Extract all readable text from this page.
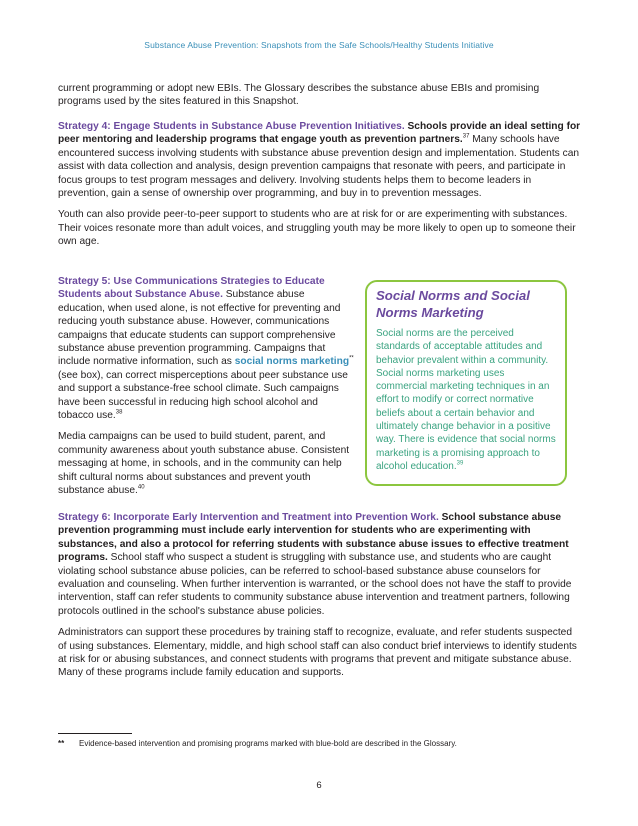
Substance Abuse Prevention: Snapshots from the Safe Schools/Healthy Students Initiative

current programming or adopt new EBIs. The Glossary describes the substance abuse EBIs and promising programs used by the sites featured in this Snapshot.

Strategy 4: Engage Students in Substance Abuse Prevention Initiatives. Schools provide an ideal setting for peer mentoring and leadership programs that engage youth as prevention partners.$^{37}$ Many schools have encountered success involving students with substance abuse prevention design and implementation. Students can assist with data collection and analysis, design prevention campaigns that resonate with peers, and participate in focus groups to test program messages and delivery. Involving students helps them to become leaders in prevention, gain a sense of ownership over programming, and buy in to prevention messages.

Youth can also provide peer-to-peer support to students who are at risk for or are experimenting with substances. Their voices resonate more than adult voices, and struggling youth may be more likely to open up to someone their own age.

Strategy 5: Use Communications Strategies to Educate Students about Substance Abuse. Substance abuse education, when used alone, is not effective for preventing and reducing youth substance abuse. However, communications campaigns that educate students can support comprehensive substance abuse prevention programming. Campaigns that include normative information, such as social norms marketing** (see box), can correct misperceptions about peer substance use and support a substance-free school climate. Such campaigns have been successful in reducing high school alcohol and tobacco use.$^{38}$

Media campaigns can be used to build student, parent, and community awareness about youth substance abuse. Consistent messaging at home, in schools, and in the community can help shift cultural norms about substances and prevent youth substance abuse.$^{40}$

Social Norms and Social Norms Marketing

Social norms are the perceived standards of acceptable attitudes and behavior prevalent within a community. Social norms marketing uses commercial marketing techniques in an effort to modify or correct normative beliefs about a certain behavior and ultimately change behavior in a positive way. There is evidence that social norms marketing is a promising approach to alcohol education.$^{39}$

Strategy 6: Incorporate Early Intervention and Treatment into Prevention Work. School substance abuse prevention programming must include early intervention for students who are experimenting with substances, and also a protocol for referring students with substance abuse issues to effective treatment programs. School staff who suspect a student is struggling with substance use, and students who are caught violating school substance abuse policies, can be referred to school-based substance abuse counselors for evaluation and counseling. When further intervention is warranted, or the school does not have the staff to provide intervention, staff can refer students to community substance abuse intervention and treatment partners, following protocols outlined in the school's substance abuse policies.

Administrators can support these procedures by training staff to recognize, evaluate, and refer students suspected of using substances. Elementary, middle, and high school staff can also conduct brief interviews to identify students at risk for or abusing substances, and connect students with programs that prevent and mitigate substance abuse. Many of these programs include family education and supports.

** Evidence-based intervention and promising programs marked with blue-bold are described in the Glossary.
6
